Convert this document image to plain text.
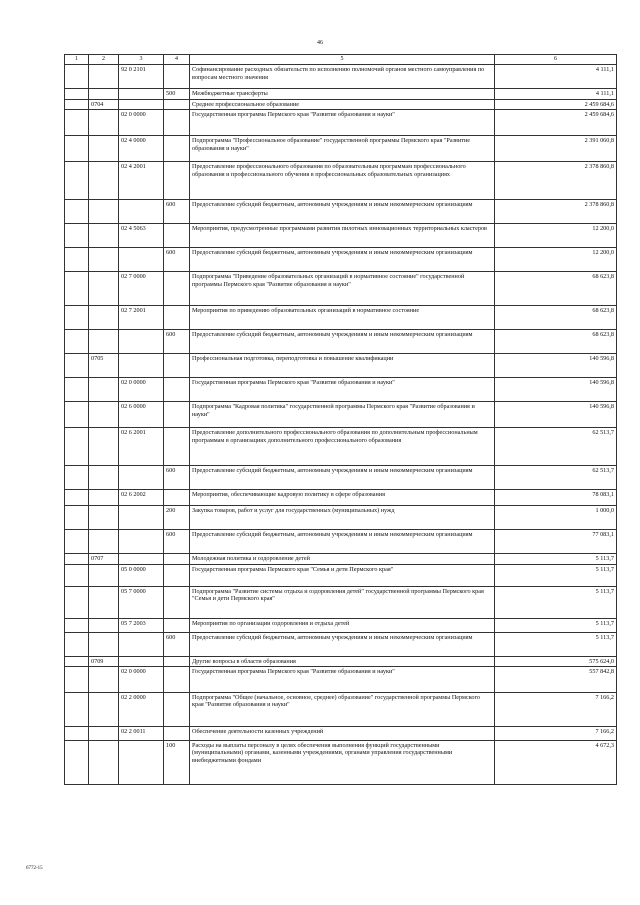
46
1	2	3	4	5	6
		92 0 2101		Софинансирование расходных обязательств по исполнению полномочий органов местного самоуправления по вопросам местного значения	4 111,1
			500	Межбюджетные трансферты	4 111,1
	0704			Среднее профессиональное образование	2 459 684,6
		02 0 0000		Государственная программа Пермского края "Развитие образования и науки"	2 459 684,6
		02 4 0000		Подпрограмма "Профессиональное образование" государственной программы Пермского края "Развитие образования и науки"	2 391 060,8
		02 4 2001		Предоставление профессионального образования по образовательным программам профессионального образования и профессионального обучения в профессиональных образовательных организациях	2 378 860,8
			600	Предоставление субсидий бюджетным, автономным учреждениям и иным некоммерческим организациям	2 378 860,8
		02 4 5063		Мероприятия, предусмотренные программами развития пилотных инновационных территориальных кластеров	12 200,0
			600	Предоставление субсидий бюджетным, автономным учреждениям и иным некоммерческим организациям	12 200,0
		02 7 0000		Подпрограмма "Приведение образовательных организаций в нормативное состояние" государственной программы Пермского края "Развитие образования и науки"	68 623,8
		02 7 2001		Мероприятия по приведению образовательных организаций в нормативное состояние	68 623,8
			600	Предоставление субсидий бюджетным, автономным учреждениям и иным некоммерческим организациям	68 623,8
	0705			Профессиональная подготовка, переподготовка и повышение квалификации	140 596,8
		02 0 0000		Государственная программа Пермского края "Развитие образования и науки"	140 596,8
		02 6 0000		Подпрограмма "Кадровая политика" государственной программы Пермского края "Развитие образования и науки"	140 596,8
		02 6 2001		Предоставление дополнительного профессионального образования по дополнительным профессиональным программам в организациях дополнительного профессионального образования	62 513,7
			600	Предоставление субсидий бюджетным, автономным учреждениям и иным некоммерческим организациям	62 513,7
		02 6 2002		Мероприятия, обеспечивающие кадровую политику в сфере образования	78 083,1
			200	Закупка товаров, работ и услуг для государственных (муниципальных) нужд	1 000,0
			600	Предоставление субсидий бюджетным, автономным учреждениям и иным некоммерческим организациям	77 083,1
	0707			Молодежная политика и оздоровление детей	5 113,7
		05 0 0000		Государственная программа Пермского края "Семья и дети Пермского края"	5 113,7
		05 7 0000		Подпрограмма "Развитие системы отдыха и оздоровления детей" государственной программы Пермского края "Семья и дети Пермского края"	5 113,7
		05 7 2003		Мероприятия по организации оздоровления и отдыха детей	5 113,7
			600	Предоставление субсидий бюджетным, автономным учреждениям и иным некоммерческим организациям	5 113,7
	0709			Другие вопросы в области образования	575 624,0
		02 0 0000		Государственная программа Пермского края "Развитие образования и науки"	557 842,8
		02 2 0000		Подпрограмма "Общее (начальное, основное, среднее) образование" государственной программы Пермского края "Развитие образования и науки"	7 166,2
		02 2 0011		Обеспечение деятельности казенных учреждений	7 166,2
			100	Расходы на выплаты персоналу в целях обеспечения выполнения функций государственными (муниципальными) органами, казенными учреждениями, органами управления государственными внебюджетными фондами	4 672,3
6772-15
